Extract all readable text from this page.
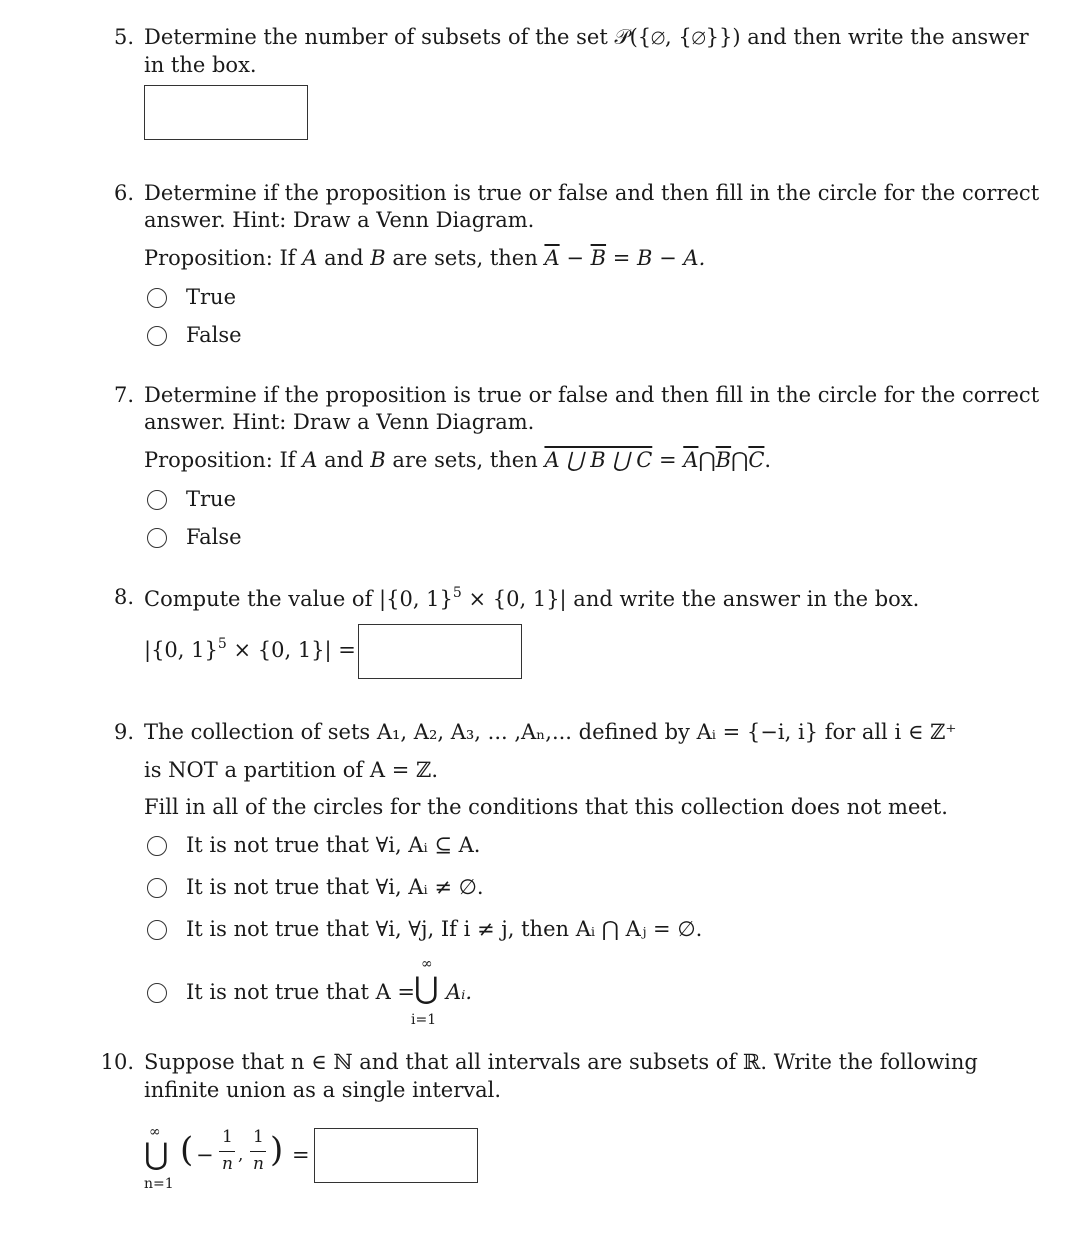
5. Determine the number of subsets of the set 𝒫({∅, {∅}}) and then write the answer
in the box.
6. Determine if the proposition is true or false and then fill in the circle for the correct
answer. Hint: Draw a Venn Diagram.
Proposition: If A and B are sets, then $\overline{A} - \overline{B} = B - A$.
True
False
7. Determine if the proposition is true or false and then fill in the circle for the correct
answer. Hint: Draw a Venn Diagram.
Proposition: If A and B are sets, then A ⋃ B ⋃ $C = \overline{A}⋂\overline{B}⋂\overline{C}$.
True
False
8. Compute the value of |{0, 1}$^5$ × {0, 1}| and write the answer in the box.
|{0, 1}$^5$ × {0, 1}| =
9. The collection of sets A₁, A₂, A₃, ... ,Aₙ,... defined by Aᵢ = {−i, i} for all i ∈ ℤ⁺
is NOT a partition of A = ℤ.
Fill in all of the circles for the conditions that this collection does not meet.
It is not true that ∀i, Aᵢ ⊆ A.
It is not true that ∀i, Aᵢ ≠ ∅.
It is not true that ∀i, ∀j, If i ≠ j, then Aᵢ ⋂ Aⱼ = ∅.
It is not true that A =
∞
⋃
i=1
Aᵢ.
10. Suppose that n ∈ ℕ and that all intervals are subsets of ℝ. Write the following
infinite union as a single interval.
∞
⋃
n=1
( −
1
n ,
1
n ) =
